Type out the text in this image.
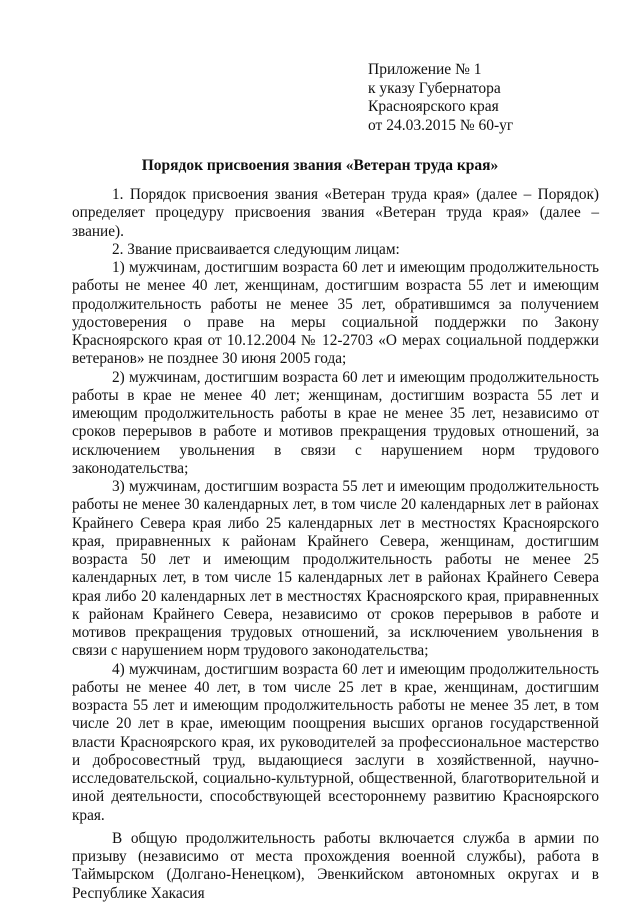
Приложение № 1
к указу Губернатора
Красноярского края
от 24.03.2015 № 60-уг
Порядок присвоения звания «Ветеран труда края»

1. Порядок присвоения звания «Ветеран труда края» (далее – Порядок) определяет процедуру присвоения звания «Ветеран труда края» (далее – звание).

2. Звание присваивается следующим лицам:

1) мужчинам, достигшим возраста 60 лет и имеющим продолжительность работы не менее 40 лет, женщинам, достигшим возраста 55 лет и имеющим продолжительность работы не менее 35 лет, обратившимся за получением удостоверения о праве на меры социальной поддержки по Закону Красноярского края от 10.12.2004 № 12-2703 «О мерах социальной поддержки ветеранов» не позднее 30 июня 2005 года;

2) мужчинам, достигшим возраста 60 лет и имеющим продолжительность работы в крае не менее 40 лет; женщинам, достигшим возраста 55 лет и имеющим продолжительность работы в крае не менее 35 лет, независимо от сроков перерывов в работе и мотивов прекращения трудовых отношений, за исключением увольнения в связи с нарушением норм трудового законодательства;

3) мужчинам, достигшим возраста 55 лет и имеющим продолжительность работы не менее 30 календарных лет, в том числе 20 календарных лет в районах Крайнего Севера края либо 25 календарных лет в местностях Красноярского края, приравненных к районам Крайнего Севера, женщинам, достигшим возраста 50 лет и имеющим продолжительность работы не менее 25 календарных лет, в том числе 15 календарных лет в районах Крайнего Севера края либо 20 календарных лет в местностях Красноярского края, приравненных к районам Крайнего Севера, независимо от сроков перерывов в работе и мотивов прекращения трудовых отношений, за исключением увольнения в связи с нарушением норм трудового законодательства;

4) мужчинам, достигшим возраста 60 лет и имеющим продолжительность работы не менее 40 лет, в том числе 25 лет в крае, женщинам, достигшим возраста 55 лет и имеющим продолжительность работы не менее 35 лет, в том числе 20 лет в крае, имеющим поощрения высших органов государственной власти Красноярского края, их руководителей за профессиональное мастерство и добросовестный труд, выдающиеся заслуги в хозяйственной, научно-исследовательской, социально-культурной, общественной, благотворительной и иной деятельности, способствующей всестороннему развитию Красноярского края.

В общую продолжительность работы включается служба в армии по призыву (независимо от места прохождения военной службы), работа в Таймырском (Долгано-Ненецком), Эвенкийском автономных округах и в Республике Хакасия
